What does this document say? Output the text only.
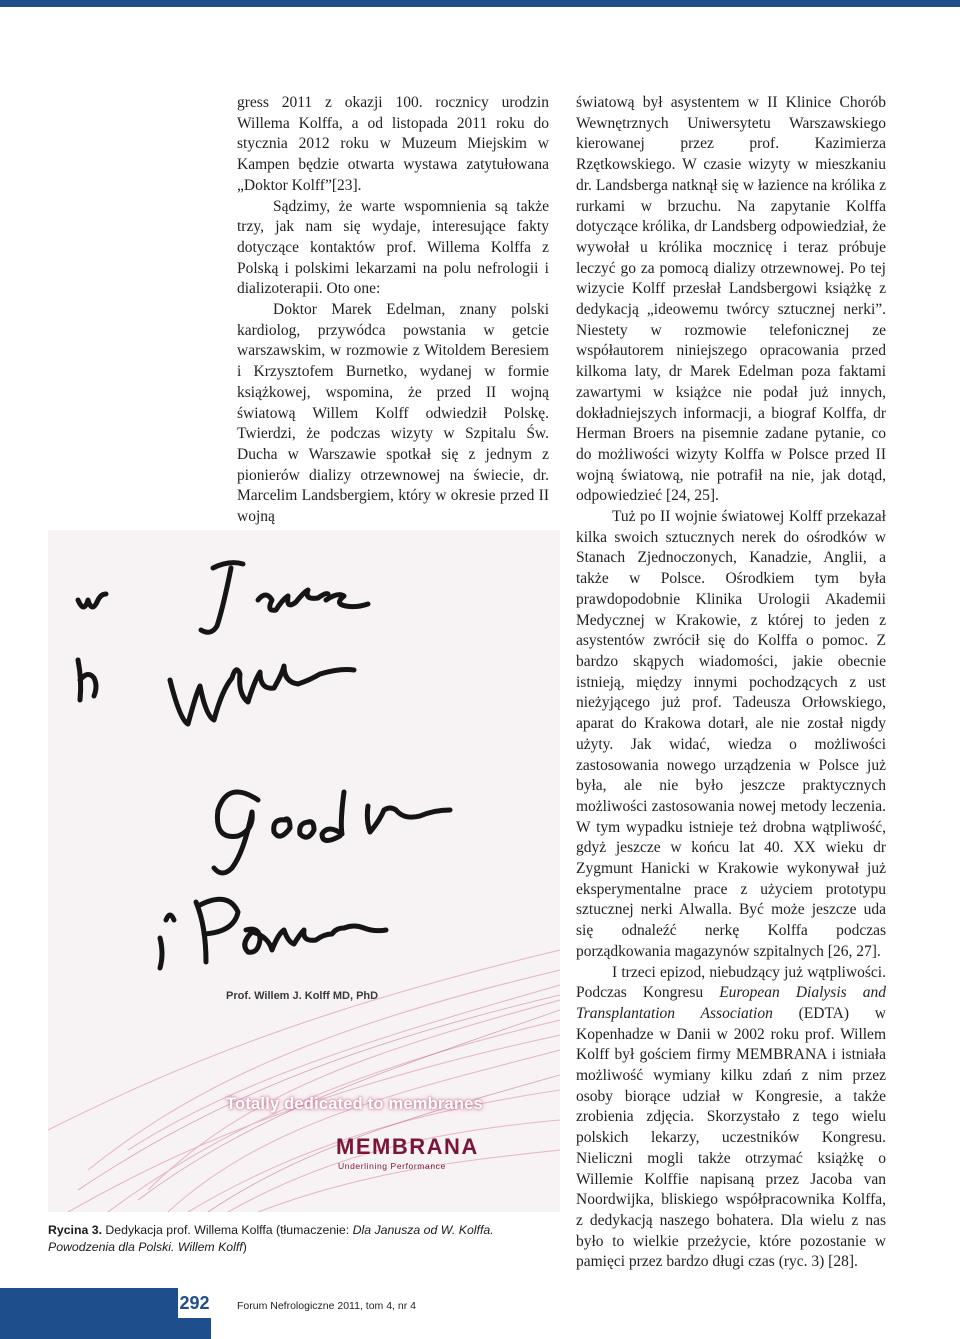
gress 2011 z okazji 100. rocznicy urodzin Willema Kolffa, a od listopada 2011 roku do stycznia 2012 roku w Muzeum Miejskim w Kampen będzie otwarta wystawa zatytułowana „Doktor Kolff”[23].

Sądzimy, że warte wspomnienia są także trzy, jak nam się wydaje, interesujące fakty dotyczące kontaktów prof. Willema Kolffa z Polską i polskimi lekarzami na polu nefrologii i dializoterapii. Oto one:

Doktor Marek Edelman, znany polski kardiolog, przywódca powstania w getcie warszawskim, w rozmowie z Witoldem Beresiem i Krzysztofem Burnetko, wydanej w formie książkowej, wspomina, że przed II wojną światową Willem Kolff odwiedził Polskę. Twierdzi, że podczas wizyty w Szpitalu Św. Ducha w Warszawie spotkał się z jednym z pionierów dializy otrzewnowej na świecie, dr. Marcelim Landsbergiem, który w okresie przed II wojną

światową był asystentem w II Klinice Chorób Wewnętrznych Uniwersytetu Warszawskiego kierowanej przez prof. Kazimierza Rzętkowskiego. W czasie wizyty w mieszkaniu dr. Landsberga natknął się w łazience na królika z rurkami w brzuchu. Na zapytanie Kolffa dotyczące królika, dr Landsberg odpowiedział, że wywołał u królika mocznicę i teraz próbuje leczyć go za pomocą dializy otrzewnowej. Po tej wizycie Kolff przesłał Landsbergowi książkę z dedykacją „ideowemu twórcy sztucznej nerki”. Niestety w rozmowie telefonicznej ze współautorem niniejszego opracowania przed kilkoma laty, dr Marek Edelman poza faktami zawartymi w książce nie podał już innych, dokładniejszych informacji, a biograf Kolffa, dr Herman Broers na pisemnie zadane pytanie, co do możliwości wizyty Kolffa w Polsce przed II wojną światową, nie potrafił na nie, jak dotąd, odpowiedzieć [24, 25].

Tuż po II wojnie światowej Kolff przekazał kilka swoich sztucznych nerek do ośrodków w Stanach Zjednoczonych, Kanadzie, Anglii, a także w Polsce. Ośrodkiem tym była prawdopodobnie Klinika Urologii Akademii Medycznej w Krakowie, z której to jeden z asystentów zwrócił się do Kolffa o pomoc. Z bardzo skąpych wiadomości, jakie obecnie istnieją, między innymi pochodzących z ust nieżyjącego już prof. Tadeusza Orłowskiego, aparat do Krakowa dotarł, ale nie został nigdy użyty. Jak widać, wiedza o możliwości zastosowania nowego urządzenia w Polsce już była, ale nie było jeszcze praktycznych możliwości zastosowania nowej metody leczenia. W tym wypadku istnieje też drobna wątpliwość, gdyż jeszcze w końcu lat 40. XX wieku dr Zygmunt Hanicki w Krakowie wykonywał już eksperymentalne prace z użyciem prototypu sztucznej nerki Alwalla. Być może jeszcze uda się odnaleźć nerkę Kolffa podczas porządkowania magazynów szpitalnych [26, 27].

I trzeci epizod, niebudzący już wątpliwości. Podczas Kongresu European Dialysis and Transplantation Association (EDTA) w Kopenhadze w Danii w 2002 roku prof. Willem Kolff był gościem firmy MEMBRANA i istniała możliwość wymiany kilku zdań z nim przez osoby biorące udział w Kongresie, a także zrobienia zdjęcia. Skorzystało z tego wielu polskich lekarzy, uczestników Kongresu. Nieliczni mogli także otrzymać książkę o Willemie Kolffie napisaną przez Jacoba van Noordwijka, bliskiego współpracownika Kolffa, z dedykacją naszego bohatera. Dla wielu z nas było to wielkie przeżycie, które pozostanie w pamięci przez bardzo długi czas (ryc. 3) [28].

Prof. Willem J. Kolff MD, PhD
Totally dedicated to membranes
MEMBRANA
Underlining Performance
Rycina 3. Dedykacja prof. Willema Kolffa (tłumaczenie: Dla Janusza od W. Kolffa. Powodzenia dla Polski. Willem Kolff)
292	Forum Nefrologiczne 2011, tom 4, nr 4
